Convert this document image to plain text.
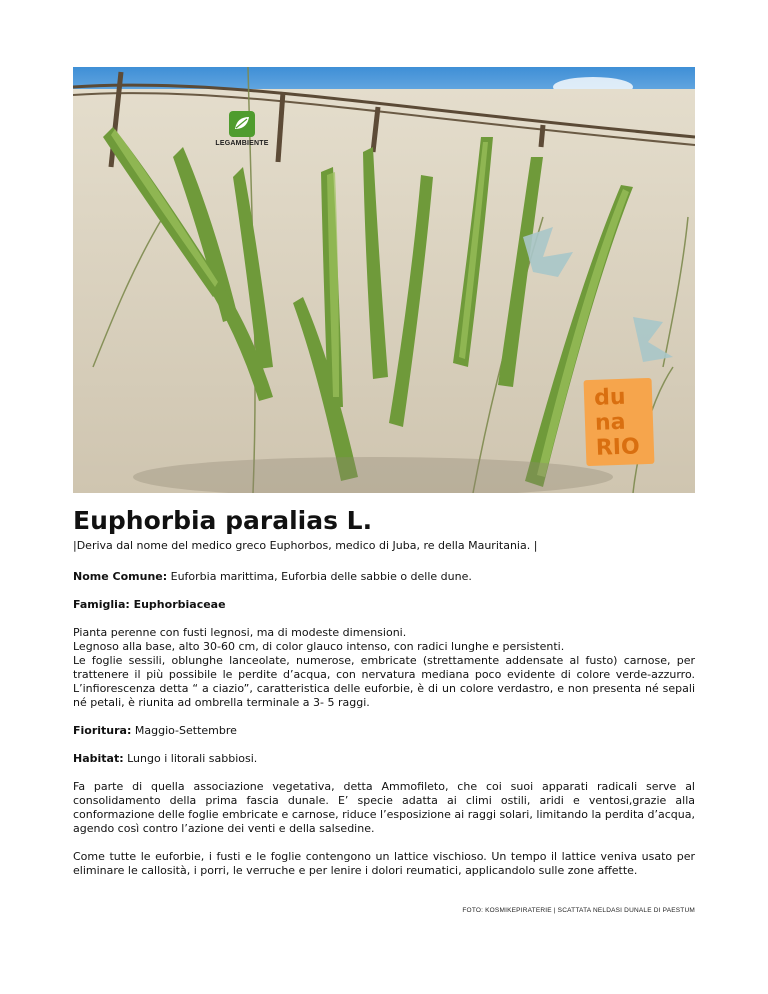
LEGAMBIENTE
du
na
RIO
Euphorbia paralias L.
|Deriva dal nome del medico greco Euphorbos, medico di Juba, re della Mauritania. |

Nome Comune: Euforbia marittima, Euforbia delle sabbie o delle dune.

Famiglia: Euphorbiaceae

Pianta perenne con fusti legnosi, ma di modeste dimensioni.

Legnoso alla base, alto 30-60 cm, di color glauco intenso, con radici lunghe e persistenti.

Le foglie sessili, oblunghe lanceolate, numerose, embricate (strettamente addensate al fusto) carnose, per trattenere il più possibile le perdite d’acqua, con nervatura mediana poco evidente di colore verde-azzurro. L’infiorescenza detta “ a ciazio”, caratteristica delle euforbie, è di un colore verdastro, e non presenta né sepali né petali, è riunita ad ombrella terminale a 3- 5 raggi.

Fioritura: Maggio-Settembre

Habitat: Lungo i litorali sabbiosi.

Fa parte di quella associazione vegetativa, detta Ammofileto, che coi suoi apparati radicali serve al consolidamento della prima fascia dunale. E’ specie adatta ai climi ostili, aridi e ventosi,grazie alla conformazione delle foglie embricate e carnose, riduce l’esposizione ai raggi solari, limitando la perdita d’acqua, agendo così contro l’azione dei venti e della salsedine.

Come tutte le euforbie, i fusti e le foglie contengono un lattice vischioso. Un tempo il lattice veniva usato per eliminare le callosità, i porri, le verruche e per lenire i dolori reumatici, applicandolo sulle zone affette.

FOTO: KOSMIKEPIRATERIE | SCATTATA NELDASI DUNALE DI PAESTUM
